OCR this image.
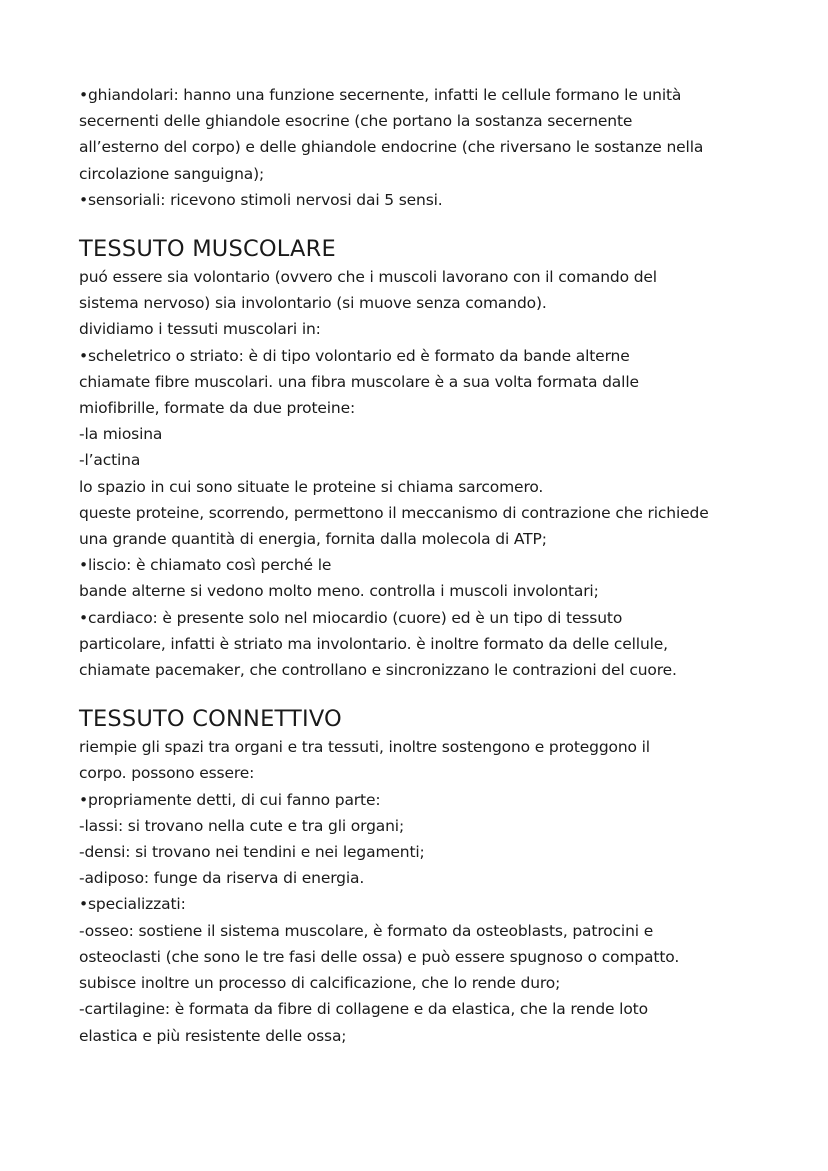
•ghiandolari: hanno una funzione secernente, infatti le cellule formano le unità
secernenti delle ghiandole esocrine (che portano la sostanza secernente
all’esterno del corpo) e delle ghiandole endocrine (che riversano le sostanze nella
circolazione sanguigna);
•sensoriali: ricevono stimoli nervosi dai 5 sensi.
TESSUTO MUSCOLARE
puó essere sia volontario (ovvero che i muscoli lavorano con il comando del
sistema nervoso) sia involontario (si muove senza comando).
dividiamo i tessuti muscolari in:
•scheletrico o striato: è di tipo volontario ed è formato da bande alterne
chiamate fibre muscolari. una fibra muscolare è a sua volta formata dalle
miofibrille, formate da due proteine:
-la miosina
-l’actina
lo spazio in cui sono situate le proteine si chiama sarcomero.
queste proteine, scorrendo, permettono il meccanismo di contrazione che richiede
una grande quantità di energia, fornita dalla molecola di ATP;
•liscio: è chiamato così perché le
bande alterne si vedono molto meno. controlla i muscoli involontari;
•cardiaco: è presente solo nel miocardio (cuore) ed è un tipo di tessuto
particolare, infatti è striato ma involontario. è inoltre formato da delle cellule,
chiamate pacemaker, che controllano e sincronizzano le contrazioni del cuore.
TESSUTO CONNETTIVO
riempie gli spazi tra organi e tra tessuti, inoltre sostengono e proteggono il
corpo. possono essere:
•propriamente detti, di cui fanno parte:
-lassi: si trovano nella cute e tra gli organi;
-densi: si trovano nei tendini e nei legamenti;
-adiposo: funge da riserva di energia.
•specializzati:
-osseo: sostiene il sistema muscolare, è formato da osteoblasts, patrocini e
osteoclasti (che sono le tre fasi delle ossa) e può essere spugnoso o compatto.
subisce inoltre un processo di calcificazione, che lo rende duro;
-cartilagine: è formata da fibre di collagene e da elastica, che la rende loto
elastica e più resistente delle ossa;
